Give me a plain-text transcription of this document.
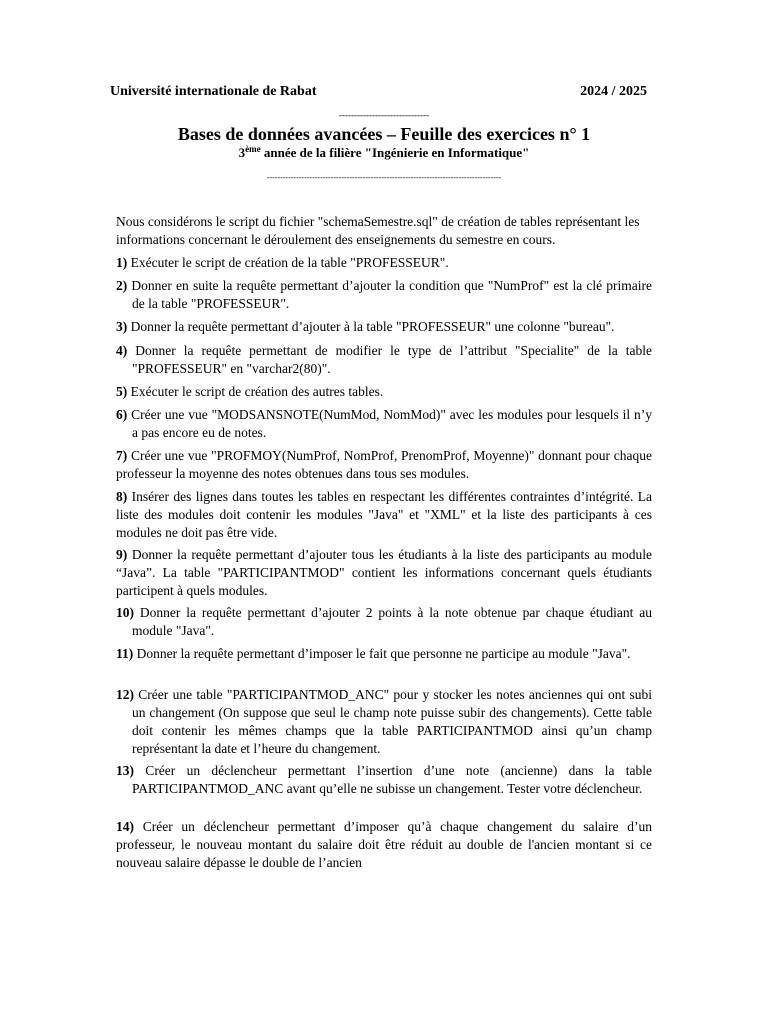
Université internationale de Rabat	2024 / 2025
------------------------------
Bases de données avancées – Feuille des exercices n° 1
3ème année de la filière "Ingénierie en Informatique"
----------------------------------------------------------------------------------------

Nous considérons le script du fichier "schemaSemestre.sql" de création de tables représentant les informations concernant le déroulement des enseignements du semestre en cours.

1) Exécuter le script de création de la table "PROFESSEUR".
2) Donner en suite la requête permettant d’ajouter la condition que "NumProf" est la clé primaire de la table "PROFESSEUR".
3) Donner la requête permettant d’ajouter à la table "PROFESSEUR" une colonne "bureau".
4) Donner la requête permettant de modifier le type de l’attribut "Specialite" de la table "PROFESSEUR" en "varchar2(80)".
5) Exécuter le script de création des autres tables.
6) Créer une vue "MODSANSNOTE(NumMod, NomMod)" avec les modules pour lesquels il n’y a pas encore eu de notes.
7) Créer une vue "PROFMOY(NumProf, NomProf, PrenomProf, Moyenne)" donnant pour chaque professeur la moyenne des notes obtenues dans tous ses modules.
8) Insérer des lignes dans toutes les tables en respectant les différentes contraintes d’intégrité. La liste des modules doit contenir les modules "Java" et "XML" et la liste des participants à ces modules ne doit pas être vide.
9) Donner la requête permettant d’ajouter tous les étudiants à la liste des participants au module “Java”. La table "PARTICIPANTMOD" contient les informations concernant quels étudiants participent à quels modules.
10) Donner la requête permettant d’ajouter 2 points à la note obtenue par chaque étudiant au module "Java".
11) Donner la requête permettant d’imposer le fait que personne ne participe au module "Java".
12) Créer une table "PARTICIPANTMOD_ANC" pour y stocker les notes anciennes qui ont subi un changement (On suppose que seul le champ note puisse subir des changements). Cette table doit contenir les mêmes champs que la table PARTICIPANTMOD ainsi qu’un champ représentant la date et l’heure du changement.
13) Créer un déclencheur permettant l’insertion d’une note (ancienne) dans la table PARTICIPANTMOD_ANC avant qu’elle ne subisse un changement. Tester votre déclencheur.
14) Créer un déclencheur permettant d’imposer qu’à chaque changement du salaire d’un professeur, le nouveau montant du salaire doit être réduit au double de l'ancien montant si ce nouveau salaire dépasse le double de l’ancien
